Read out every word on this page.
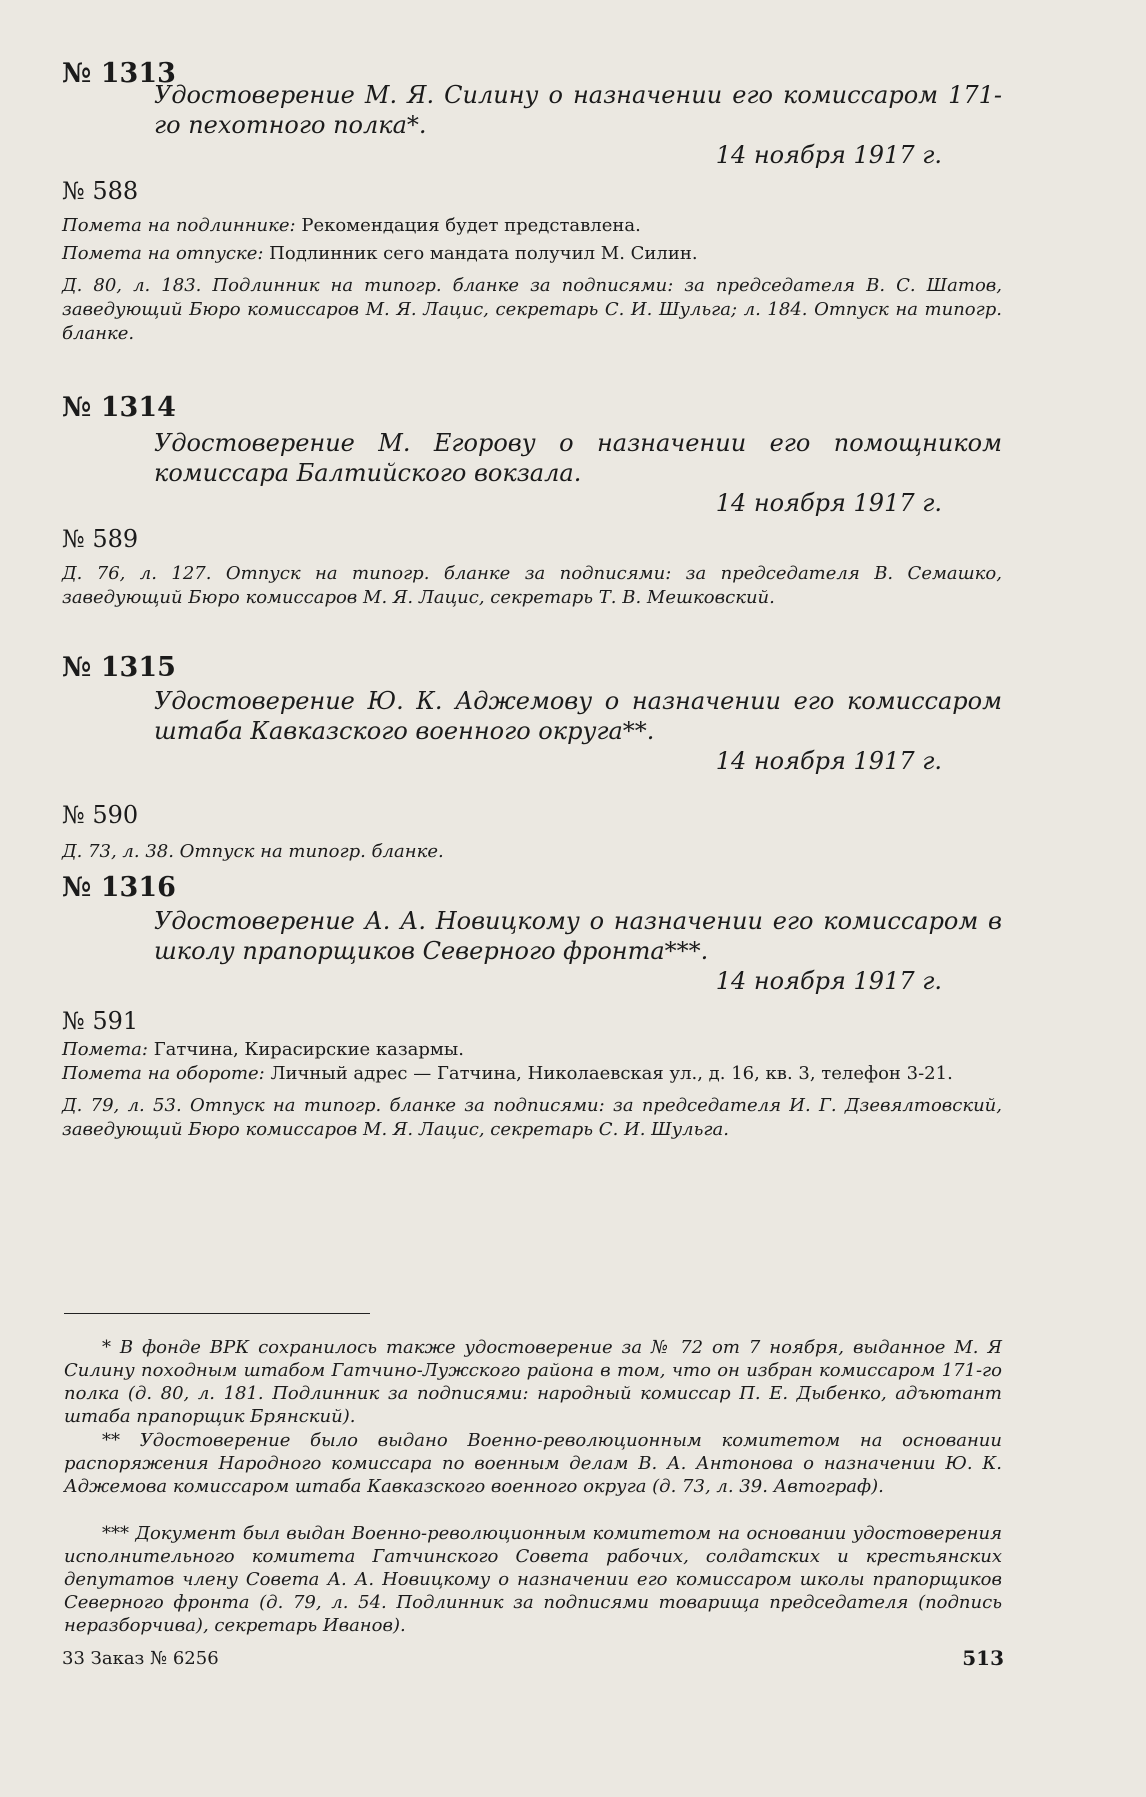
№ 1313
Удостоверение М. Я. Силину о назначении его комиссаром 171-го пехотного полка*.
14 ноября 1917 г.
№ 588
Помета на подлиннике: Рекомендация будет представлена.
Помета на отпуске: Подлинник сего мандата получил М. Силин.
Д. 80, л. 183. Подлинник на типогр. бланке за подписями: за председателя В. С. Шатов, заведующий Бюро комиссаров М. Я. Лацис, секретарь С. И. Шульга; л. 184. Отпуск на типогр. бланке.
№ 1314
Удостоверение М. Егорову о назначении его помощником комиссара Балтийского вокзала.
14 ноября 1917 г.
№ 589
Д. 76, л. 127. Отпуск на типогр. бланке за подписями: за председателя В. Семашко, заведующий Бюро комиссаров М. Я. Лацис, секретарь Т. В. Мешковский.
№ 1315
Удостоверение Ю. К. Аджемову о назначении его комиссаром штаба Кавказского военного округа**.
14 ноября 1917 г.
№ 590
Д. 73, л. 38. Отпуск на типогр. бланке.
№ 1316
Удостоверение А. А. Новицкому о назначении его комиссаром в школу прапорщиков Северного фронта***.
14 ноября 1917 г.
№ 591
Помета: Гатчина, Кирасирские казармы.
Помета на обороте: Личный адрес — Гатчина, Николаевская ул., д. 16, кв. 3, телефон 3-21.
Д. 79, л. 53. Отпуск на типогр. бланке за подписями: за председателя И. Г. Дзевялтовский, заведующий Бюро комиссаров М. Я. Лацис, секретарь С. И. Шульга.
* В фонде ВРК сохранилось также удостоверение за № 72 от 7 ноября, выданное М. Я Силину походным штабом Гатчино-Лужского района в том, что он избран комиссаром 171-го полка (д. 80, л. 181. Подлинник за подписями: народный комиссар П. Е. Дыбенко, адъютант штаба прапорщик Брянский).
** Удостоверение было выдано Военно-революционным комитетом на основании распоряжения Народного комиссара по военным делам В. А. Антонова о назначении Ю. К. Аджемова комиссаром штаба Кавказского военного округа (д. 73, л. 39. Автограф).
*** Документ был выдан Военно-революционным комитетом на основании удостоверения исполнительного комитета Гатчинского Совета рабочих, солдатских и крестьянских депутатов члену Совета А. А. Новицкому о назначении его комиссаром школы прапорщиков Северного фронта (д. 79, л. 54. Подлинник за подписями товарища председателя (подпись неразборчива), секретарь Иванов).
33 Заказ № 6256	513
